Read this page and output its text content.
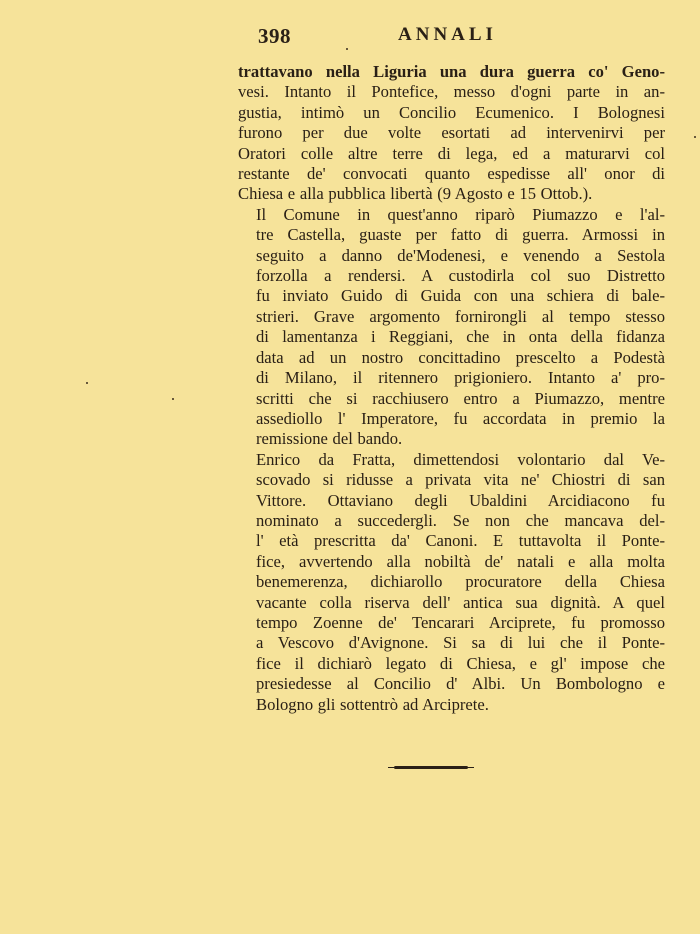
398	ANNALI

trattavano nella Liguria una dura guerra co' Geno-
vesi. Intanto il Pontefice, messo d'ogni parte in an-
gustia, intimò un Concilio Ecumenico. I Bolognesi
furono per due volte esortati ad intervenirvi per
Oratori colle altre terre di lega, ed a maturarvi col
restante de' convocati quanto espedisse all' onor di
Chiesa e alla pubblica libertà (9 Agosto e 15 Ottob.).

Il Comune in quest'anno riparò Piumazzo e l'al-
tre Castella, guaste per fatto di guerra. Armossi in
seguito a danno de'Modenesi, e venendo a Sestola
forzolla a rendersi. A custodirla col suo Distretto
fu inviato Guido di Guida con una schiera di bale-
strieri. Grave argomento fornirongli al tempo stesso
di lamentanza i Reggiani, che in onta della fidanza
data ad un nostro concittadino prescelto a Podestà
di Milano, il ritennero prigioniero. Intanto a' pro-
scritti che si racchiusero entro a Piumazzo, mentre
assediollo l' Imperatore, fu accordata in premio la
remissione del bando.

Enrico da Fratta, dimettendosi volontario dal Ve-
scovado si ridusse a privata vita ne' Chiostri di san
Vittore. Ottaviano degli Ubaldini Arcidiacono fu
nominato a succedergli. Se non che mancava del-
l' età prescritta da' Canoni. E tuttavolta il Ponte-
fice, avvertendo alla nobiltà de' natali e alla molta
benemerenza, dichiarollo procuratore della Chiesa
vacante colla riserva dell' antica sua dignità. A quel
tempo Zoenne de' Tencarari Arciprete, fu promosso
a Vescovo d'Avignone. Si sa di lui che il Ponte-
fice il dichiarò legato di Chiesa, e gl' impose che
presiedesse al Concilio d' Albi. Un Bombologno e
Bologno gli sottentrò ad Arciprete.
